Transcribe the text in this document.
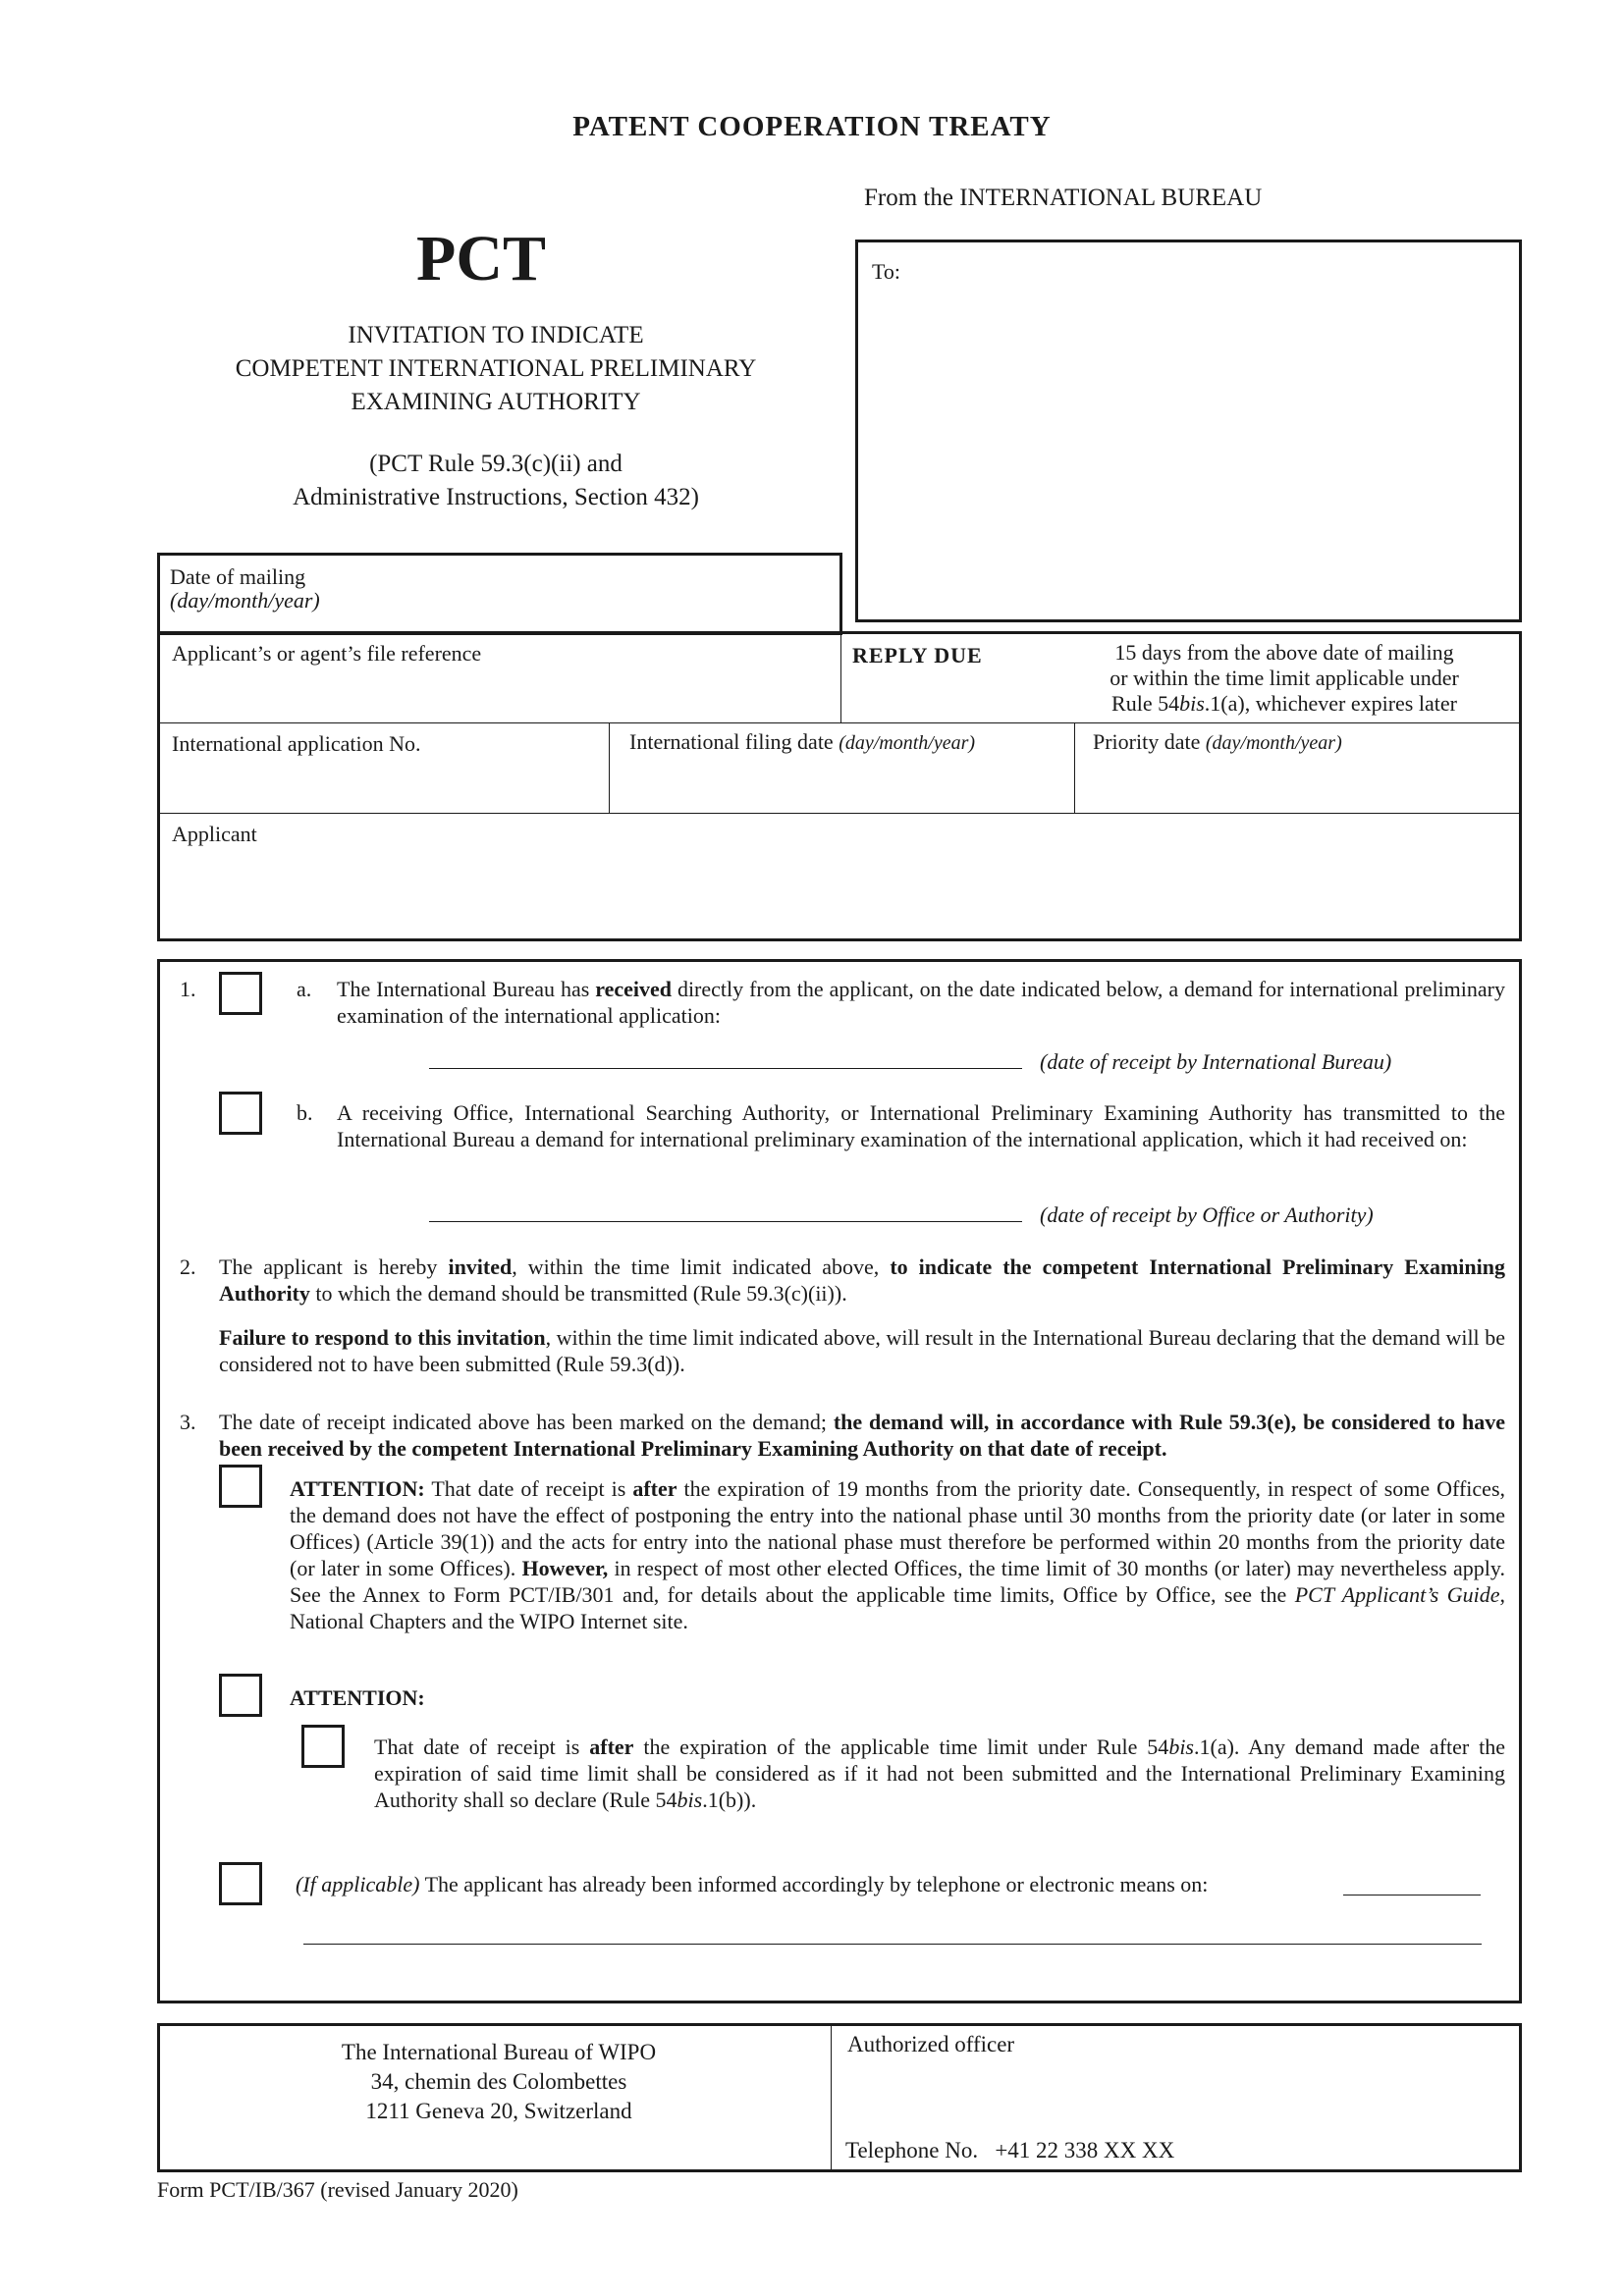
PATENT COOPERATION TREATY
From the INTERNATIONAL BUREAU
PCT
INVITATION TO INDICATE
COMPETENT INTERNATIONAL PRELIMINARY
EXAMINING AUTHORITY
(PCT Rule 59.3(c)(ii) and
Administrative Instructions, Section 432)
To:
Date of mailing
(day/month/year)
Applicant’s or agent’s file reference	REPLY DUE	15 days from the above date of mailing
or within the time limit applicable under
Rule 54bis.1(a), whichever expires later
International application No.	International filing date (day/month/year)	Priority date (day/month/year)
Applicant
1.	a. The International Bureau has received directly from the applicant, on the date indicated below, a demand for international preliminary examination of the international application:
(date of receipt by International Bureau)
b. A receiving Office, International Searching Authority, or International Preliminary Examining Authority has transmitted to the International Bureau a demand for international preliminary examination of the international application, which it had received on:
(date of receipt by Office or Authority)
2. The applicant is hereby invited, within the time limit indicated above, to indicate the competent International Preliminary Examining Authority to which the demand should be transmitted (Rule 59.3(c)(ii)).
Failure to respond to this invitation, within the time limit indicated above, will result in the International Bureau declaring that the demand will be considered not to have been submitted (Rule 59.3(d)).
3. The date of receipt indicated above has been marked on the demand; the demand will, in accordance with Rule 59.3(e), be considered to have been received by the competent International Preliminary Examining Authority on that date of receipt.
ATTENTION: That date of receipt is after the expiration of 19 months from the priority date. Consequently, in respect of some Offices, the demand does not have the effect of postponing the entry into the national phase until 30 months from the priority date (or later in some Offices) (Article 39(1)) and the acts for entry into the national phase must therefore be performed within 20 months from the priority date (or later in some Offices). However, in respect of most other elected Offices, the time limit of 30 months (or later) may nevertheless apply. See the Annex to Form PCT/IB/301 and, for details about the applicable time limits, Office by Office, see the PCT Applicant’s Guide, National Chapters and the WIPO Internet site.
ATTENTION:
That date of receipt is after the expiration of the applicable time limit under Rule 54bis.1(a). Any demand made after the expiration of said time limit shall be considered as if it had not been submitted and the International Preliminary Examining Authority shall so declare (Rule 54bis.1(b)).
(If applicable) The applicant has already been informed accordingly by telephone or electronic means on:
The International Bureau of WIPO
34, chemin des Colombettes
1211 Geneva 20, Switzerland
Authorized officer
Telephone No. +41 22 338 XX XX
Form PCT/IB/367 (revised January 2020)
